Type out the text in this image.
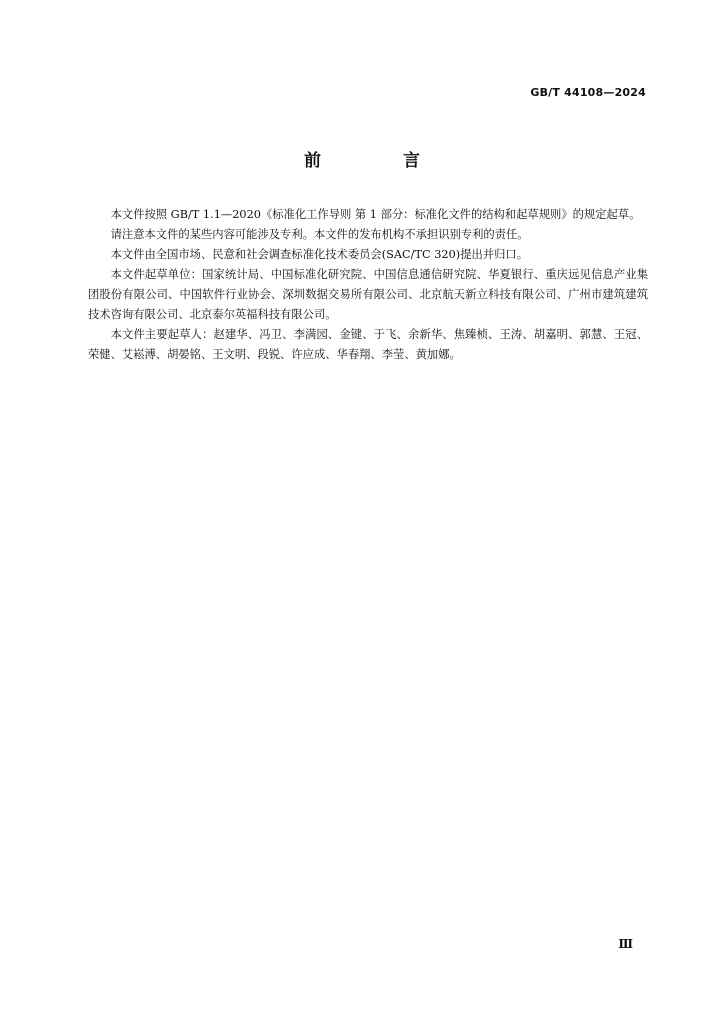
GB/T 44108—2024
前 言

本文件按照 GB/T 1.1—2020《标准化工作导则 第 1 部分：标准化文件的结构和起草规则》的规定起草。

请注意本文件的某些内容可能涉及专利。本文件的发布机构不承担识别专利的责任。

本文件由全国市场、民意和社会调查标准化技术委员会(SAC/TC 320)提出并归口。

本文件起草单位：国家统计局、中国标准化研究院、中国信息通信研究院、华夏银行、重庆远见信息产业集团股份有限公司、中国软件行业协会、深圳数据交易所有限公司、北京航天新立科技有限公司、广州市建筑建筑技术咨询有限公司、北京泰尔英福科技有限公司。

本文件主要起草人：赵建华、冯卫、李满园、金键、于飞、余新华、焦臻桢、王涛、胡嘉明、郭慧、王冠、荣健、艾崧溥、胡晏铭、王文明、段锐、许应成、华春翔、李莹、黄加娜。

Ⅲ
